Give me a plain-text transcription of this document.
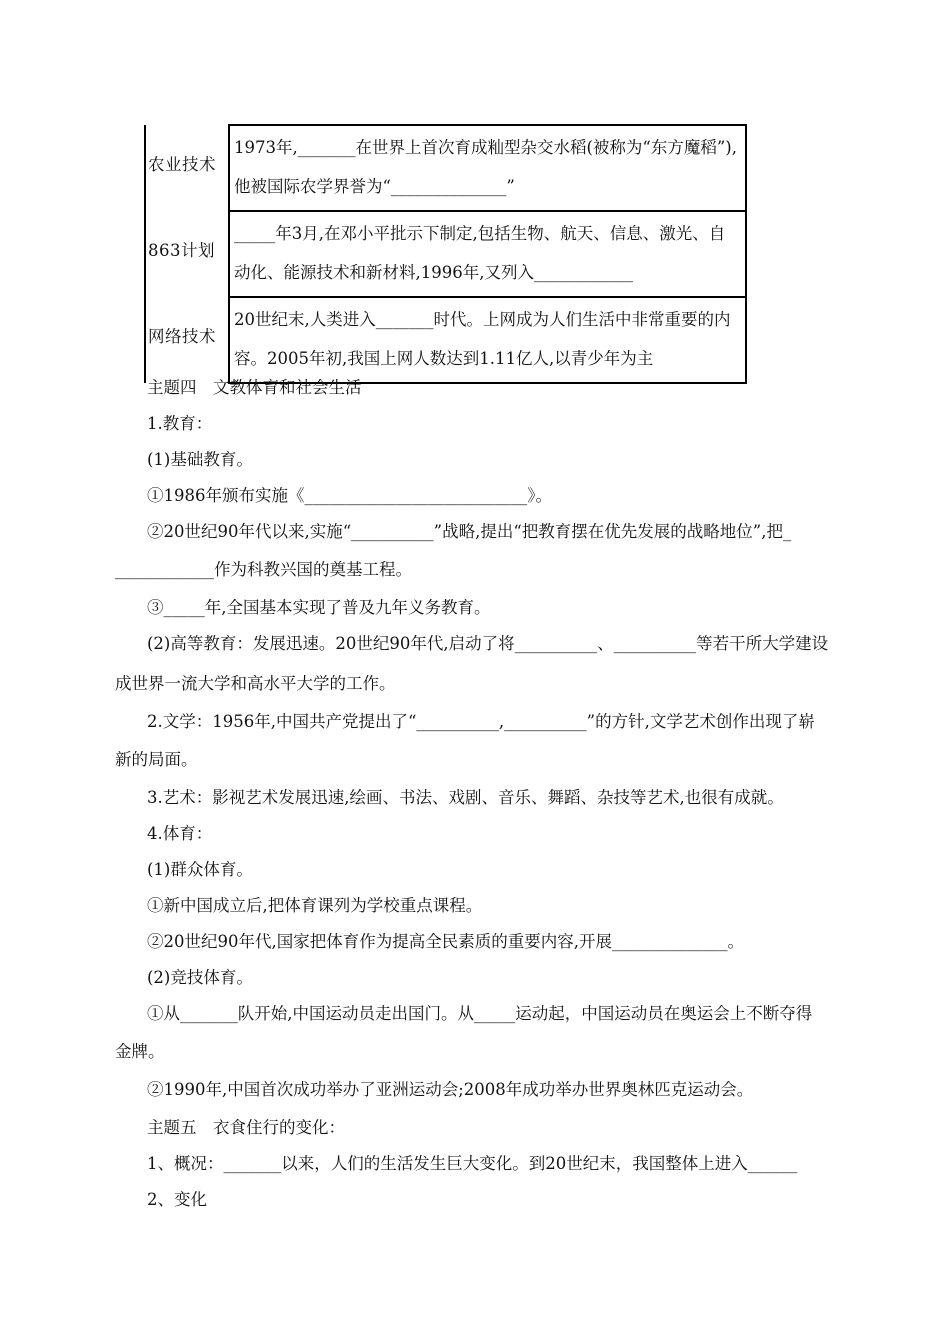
农业技术	1973年,_______在世界上首次育成籼型杂交水稻(被称为“东方魔稻”),他被国际农学界誉为“______________”
863计划	_____年3月,在邓小平批示下制定,包括生物、航天、信息、激光、自动化、能源技术和新材料,1996年,又列入____________
网络技术	20世纪末,人类进入_______时代。上网成为人们生活中非常重要的内容。2005年初,我国上网人数达到1.11亿人,以青少年为主
主题四　文教体育和社会生活
1.教育：
(1)基础教育。
①1986年颁布实施《___________________________》。
②20世纪90年代以来,实施“__________”战略,提出“把教育摆在优先发展的战略地位”,把_
____________作为科教兴国的奠基工程。
③_____年,全国基本实现了普及九年义务教育。
(2)高等教育：发展迅速。20世纪90年代,启动了将__________、__________等若干所大学建设
成世界一流大学和高水平大学的工作。
2.文学：1956年,中国共产党提出了“__________,__________”的方针,文学艺术创作出现了崭
新的局面。
3.艺术：影视艺术发展迅速,绘画、书法、戏剧、音乐、舞蹈、杂技等艺术,也很有成就。
4.体育：
(1)群众体育。
①新中国成立后,把体育课列为学校重点课程。
②20世纪90年代,国家把体育作为提高全民素质的重要内容,开展______________。
(2)竞技体育。
①从_______队开始,中国运动员走出国门。从_____运动起，中国运动员在奥运会上不断夺得
金牌。
②1990年,中国首次成功举办了亚洲运动会;2008年成功举办世界奥林匹克运动会。
主题五　衣食住行的变化：
1、概况：_______以来，人们的生活发生巨大变化。到20世纪末，我国整体上进入______
2、变化
